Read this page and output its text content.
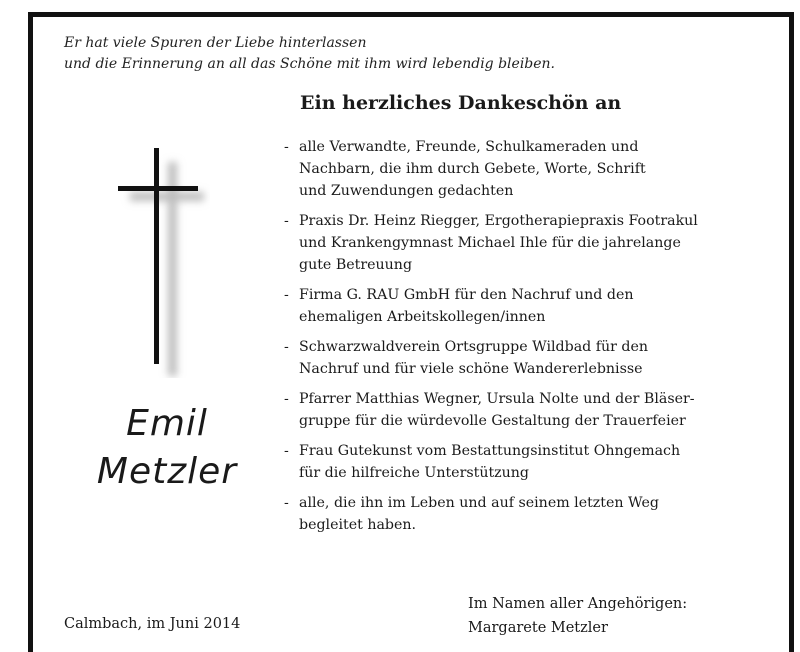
Er hat viele Spuren der Liebe hinterlassen
und die Erinnerung an all das Schöne mit ihm wird lebendig bleiben.
Ein herzliches Dankeschön an
- alle Verwandte, Freunde, Schulkameraden und
Nachbarn, die ihm durch Gebete, Worte, Schrift
und Zuwendungen gedachten
- Praxis Dr. Heinz Riegger, Ergotherapiepraxis Footrakul
und Krankengymnast Michael Ihle für die jahrelange
gute Betreuung
- Firma G. RAU GmbH für den Nachruf und den
ehemaligen Arbeitskollegen/innen
- Schwarzwaldverein Ortsgruppe Wildbad für den
Nachruf und für viele schöne Wandererlebnisse
- Pfarrer Matthias Wegner, Ursula Nolte und der Bläser-
gruppe für die würdevolle Gestaltung der Trauerfeier
- Frau Gutekunst vom Bestattungsinstitut Ohngemach
für die hilfreiche Unterstützung
- alle, die ihn im Leben und auf seinem letzten Weg
begleitet haben.
Emil
Metzler
Calmbach, im Juni 2014
Im Namen aller Angehörigen:
Margarete Metzler
